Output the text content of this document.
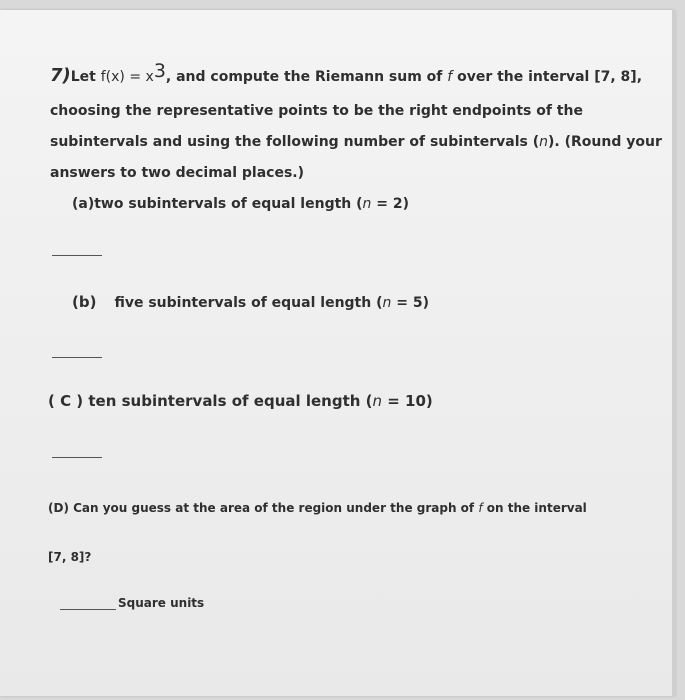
7)Let f(x) = x3, and compute the Riemann sum of f over the interval [7, 8],
choosing the representative points to be the right endpoints of the
subintervals and using the following number of subintervals (n). (Round your
answers to two decimal places.)
(a)two subintervals of equal length (n = 2)
(b) five subintervals of equal length (n = 5)
( C ) ten subintervals of equal length (n = 10)
(D) Can you guess at the area of the region under the graph of f on the interval
[7, 8]?
Square units
